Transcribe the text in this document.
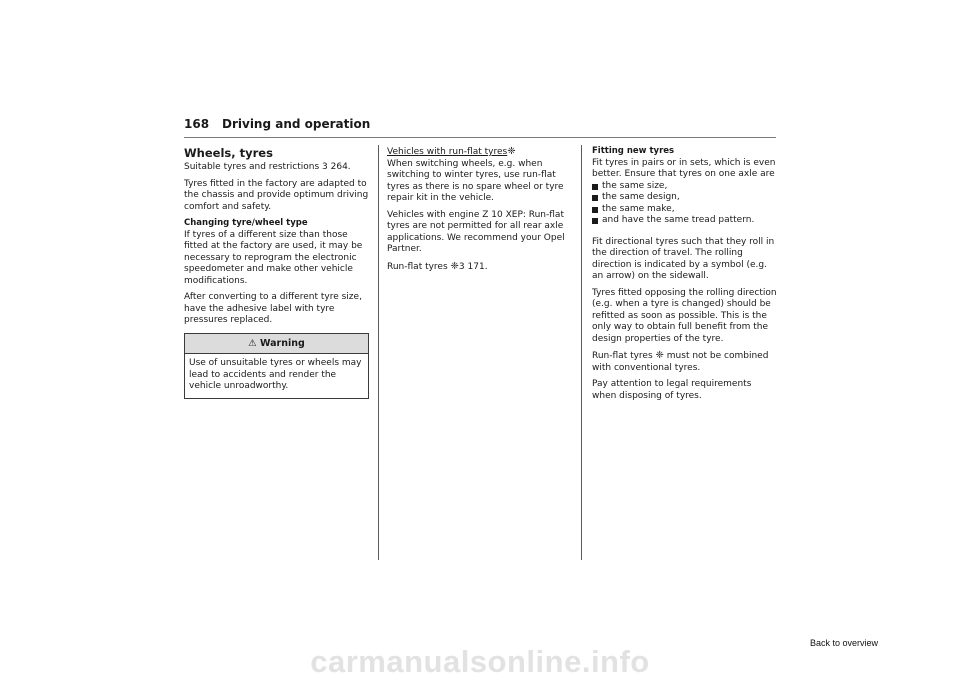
168 Driving and operation
Wheels, tyres

Suitable tyres and restrictions 3 264.

Tyres fitted in the factory are adapted to the chassis and provide optimum driving comfort and safety.

Changing tyre/wheel type

If tyres of a different size than those fitted at the factory are used, it may be necessary to reprogram the electronic speedometer and make other vehicle modifications.

After converting to a different tyre size, have the adhesive label with tyre pressures replaced.

⚠ Warning
Use of unsuitable tyres or wheels may lead to accidents and render the vehicle unroadworthy.
Vehicles with run-flat tyres❈

When switching wheels, e.g. when switching to winter tyres, use run-flat tyres as there is no spare wheel or tyre repair kit in the vehicle.

Vehicles with engine Z 10 XEP: Run-flat tyres are not permitted for all rear axle applications. We recommend your Opel Partner.

Run-flat tyres ❈3 171.

Fitting new tyres
Fit tyres in pairs or in sets, which is even better. Ensure that tyres on one axle are
the same size,
the same design,
the same make,
and have the same tread pattern.

Fit directional tyres such that they roll in the direction of travel. The rolling direction is indicated by a symbol (e.g. an arrow) on the sidewall.

Tyres fitted opposing the rolling direction (e.g. when a tyre is changed) should be refitted as soon as possible. This is the only way to obtain full benefit from the design properties of the tyre.

Run-flat tyres ❈ must not be combined with conventional tyres.

Pay attention to legal requirements when disposing of tyres.

Back to overview
carmanualsonline.info
